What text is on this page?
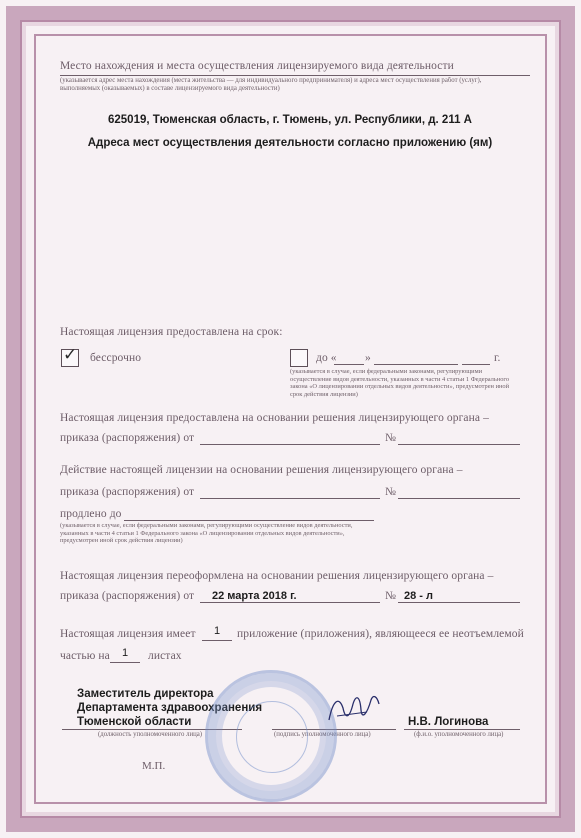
Место нахождения и места осуществления лицензируемого вида деятельности
(указывается адрес места нахождения (места жительства — для индивидуального предпринимателя) и адреса мест осуществления работ (услуг),
выполняемых (оказываемых) в составе лицензируемого вида деятельности)
625019, Тюменская область, г. Тюмень, ул. Республики, д. 211 А
Адреса мест осуществления деятельности согласно приложению (ям)
Настоящая лицензия предоставлена на срок:
✓ бессрочно	до « »	г.
(указывается в случае, если федеральными законами, регулирующими осуществление видов деятельности, указанных в части 4 статьи 1 Федерального закона «О лицензировании отдельных видов деятельности», предусмотрен иной срок действия лицензии)
Настоящая лицензия предоставлена на основании решения лицензирующего органа –
приказа (распоряжения) от	№
Действие настоящей лицензии на основании решения лицензирующего органа –
приказа (распоряжения) от	№
продлено до
(указывается в случае, если федеральными законами, регулирующими осуществление видов деятельности, указанных в части 4 статьи 1 Федерального закона «О лицензировании отдельных видов деятельности», предусмотрен иной срок действия лицензии)
Настоящая лицензия переоформлена на основании решения лицензирующего органа –
приказа (распоряжения) от 22 марта 2018 г.	№ 28 - л
Настоящая лицензия имеет 1 приложение (приложения), являющееся ее неотъемлемой
частью на 1 листах
Заместитель директора
Департамента здравоохранения
Тюменской области
(должность уполномоченного лица)	(подпись уполномоченного лица)
Н.В. Логинова
(ф.и.о. уполномоченного лица)
М.П.
